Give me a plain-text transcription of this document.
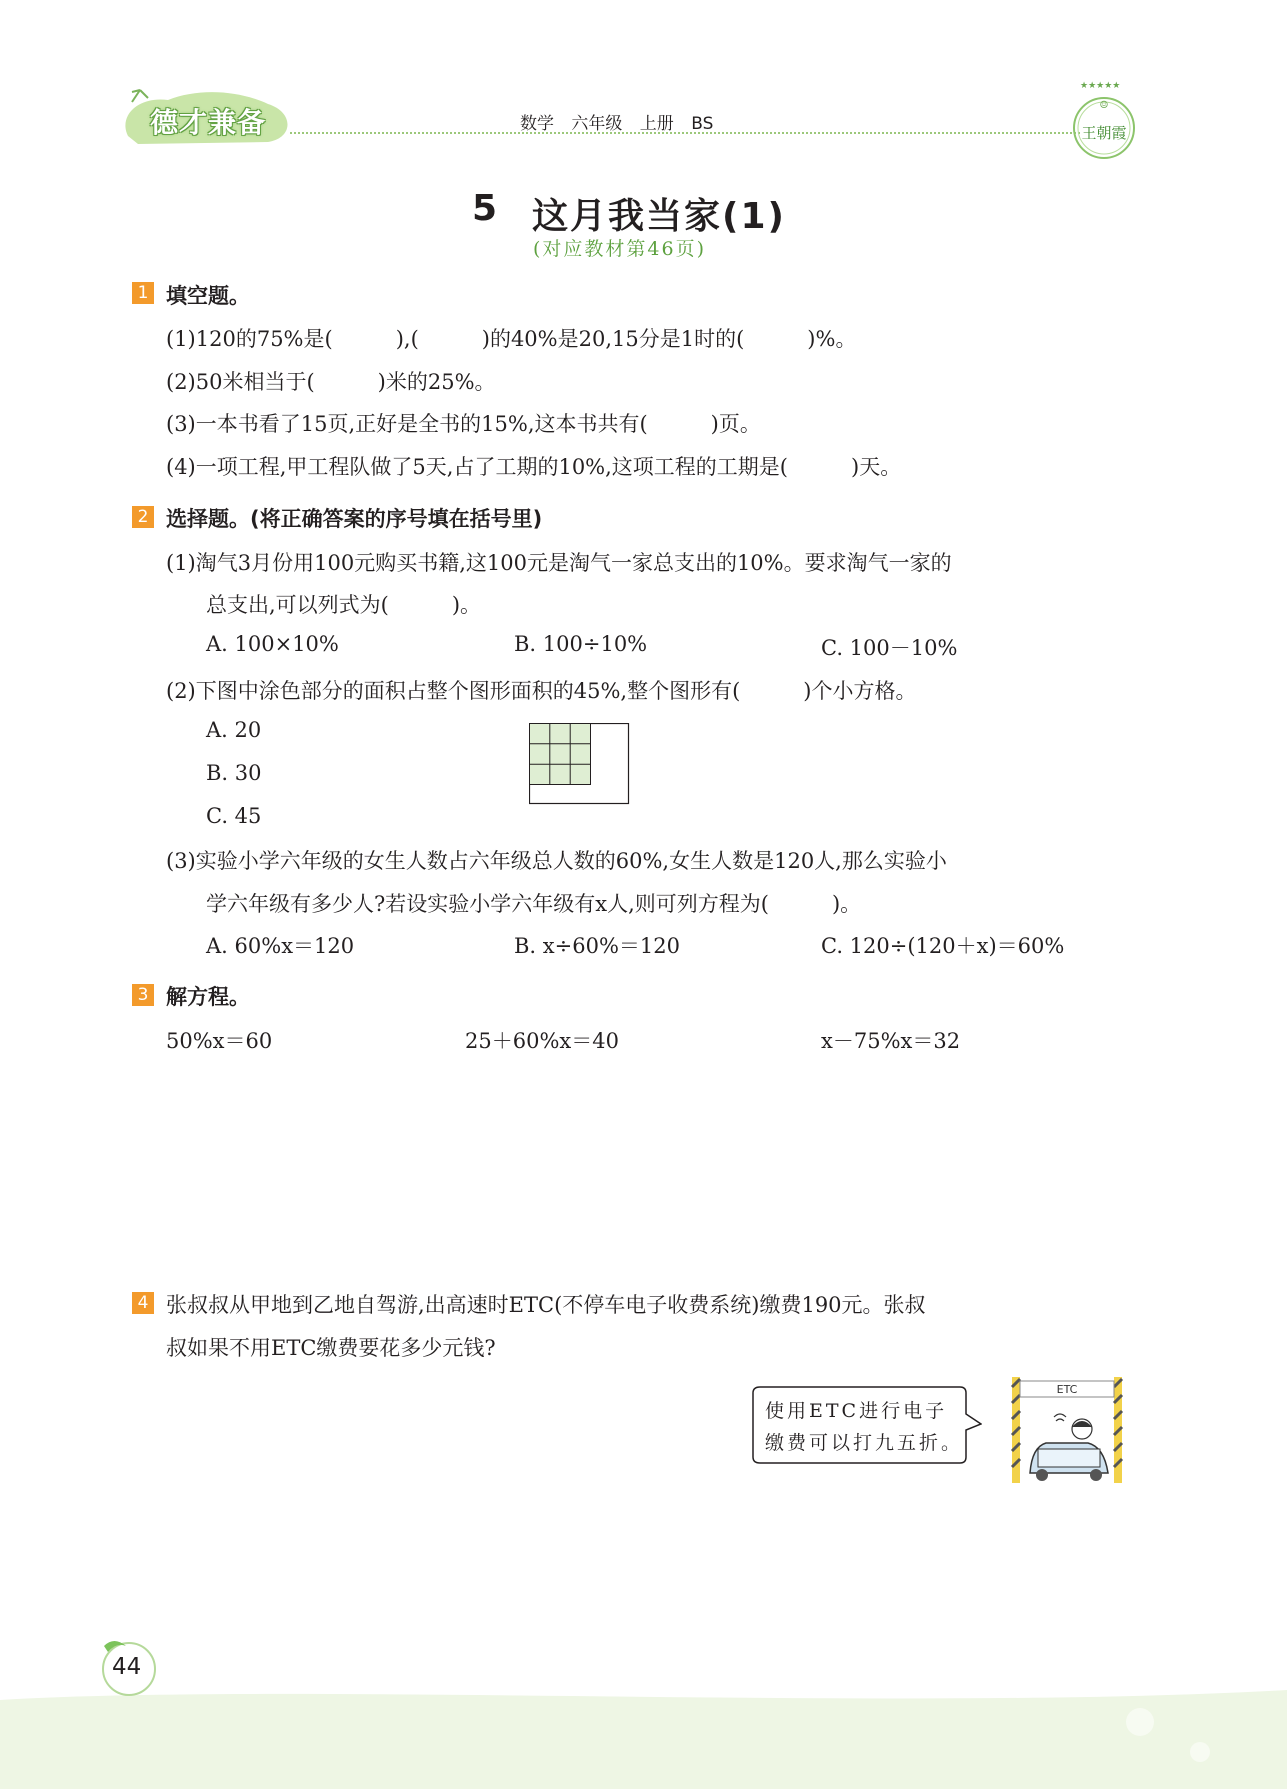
德才兼备	数学 六年级 上册 BS
★★★★★
☺
王朝霞
5 这月我当家(1)
(对应教材第46页)
1 填空题。
(1)120的75%是(　　　),(　　　)的40%是20,15分是1时的(　　　)%。
(2)50米相当于(　　　)米的25%。
(3)一本书看了15页,正好是全书的15%,这本书共有(　　　)页。
(4)一项工程,甲工程队做了5天,占了工期的10%,这项工程的工期是(　　　)天。
2 选择题。(将正确答案的序号填在括号里)
(1)淘气3月份用100元购买书籍,这100元是淘气一家总支出的10%。要求淘气一家的
总支出,可以列式为(　　　)。
A. 100×10%	B. 100÷10%	C. 100－10%
(2)下图中涂色部分的面积占整个图形面积的45%,整个图形有(　　　)个小方格。
A. 20
B. 30
C. 45
(3)实验小学六年级的女生人数占六年级总人数的60%,女生人数是120人,那么实验小
学六年级有多少人?若设实验小学六年级有x人,则可列方程为(　　　)。
A. 60%x＝120	B. x÷60%＝120	C. 120÷(120＋x)＝60%
3 解方程。
50%x＝60	25＋60%x＝40	x－75%x＝32
4 张叔叔从甲地到乙地自驾游,出高速时ETC(不停车电子收费系统)缴费190元。张叔
叔如果不用ETC缴费要花多少元钱?
使用ETC进行电子
缴费可以打九五折。
ETC
44
